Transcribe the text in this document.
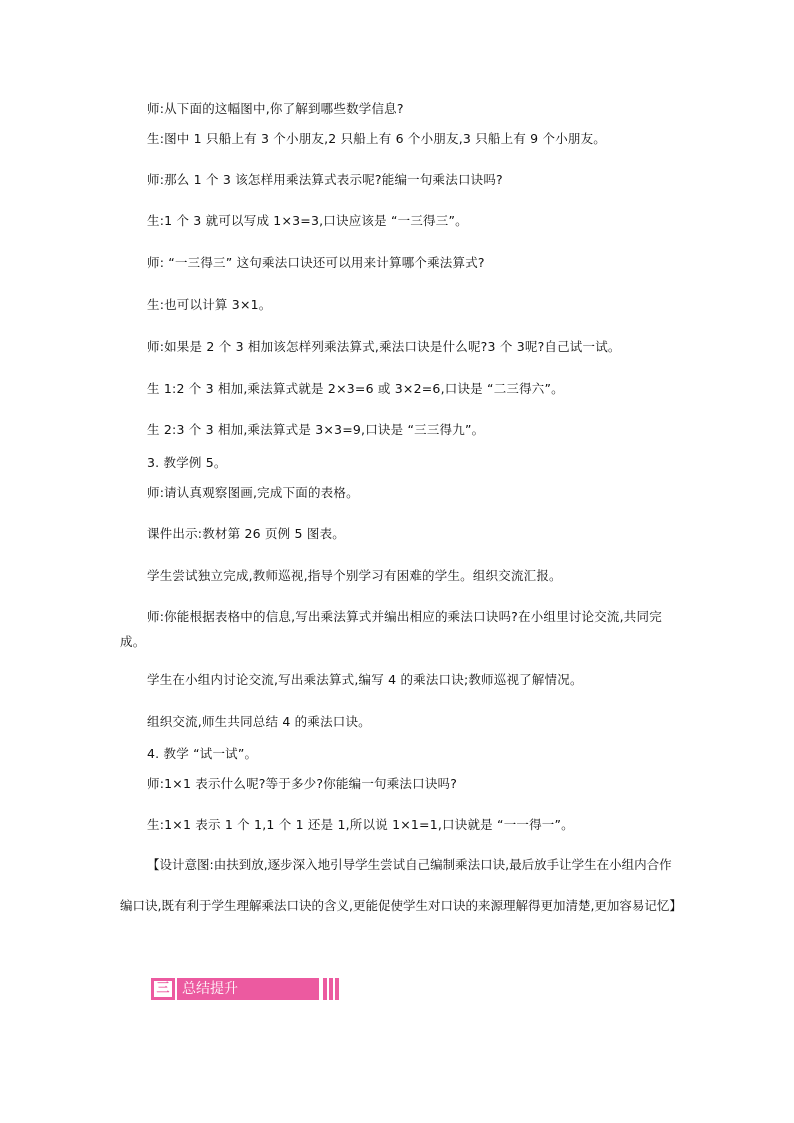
师:从下面的这幅图中,你了解到哪些数学信息?
生:图中 1 只船上有 3 个小朋友,2 只船上有 6 个小朋友,3 只船上有 9 个小朋友。
师:那么 1 个 3 该怎样用乘法算式表示呢?能编一句乘法口诀吗?
生:1 个 3 就可以写成 1×3=3,口诀应该是 “一三得三”。
师: “一三得三” 这句乘法口诀还可以用来计算哪个乘法算式?
生:也可以计算 3×1。
师:如果是 2 个 3 相加该怎样列乘法算式,乘法口诀是什么呢?3 个 3呢?自己试一试。
生 1:2 个 3 相加,乘法算式就是 2×3=6 或 3×2=6,口诀是 “二三得六”。
生 2:3 个 3 相加,乘法算式是 3×3=9,口诀是 “三三得九”。
3. 教学例 5。
师:请认真观察图画,完成下面的表格。
课件出示:教材第 26 页例 5 图表。
学生尝试独立完成,教师巡视,指导个别学习有困难的学生。组织交流汇报。
师:你能根据表格中的信息,写出乘法算式并编出相应的乘法口诀吗?在小组里讨论交流,共同完成。
学生在小组内讨论交流,写出乘法算式,编写 4 的乘法口诀;教师巡视了解情况。
组织交流,师生共同总结 4 的乘法口诀。
4. 教学 “试一试”。
师:1×1 表示什么呢?等于多少?你能编一句乘法口诀吗?
生:1×1 表示 1 个 1,1 个 1 还是 1,所以说 1×1=1,口诀就是 “一一得一”。
【设计意图:由扶到放,逐步深入地引导学生尝试自己编制乘法口诀,最后放手让学生在小组内合作编口诀,既有利于学生理解乘法口诀的含义,更能促使学生对口诀的来源理解得更加清楚,更加容易记忆】
三 总结提升
